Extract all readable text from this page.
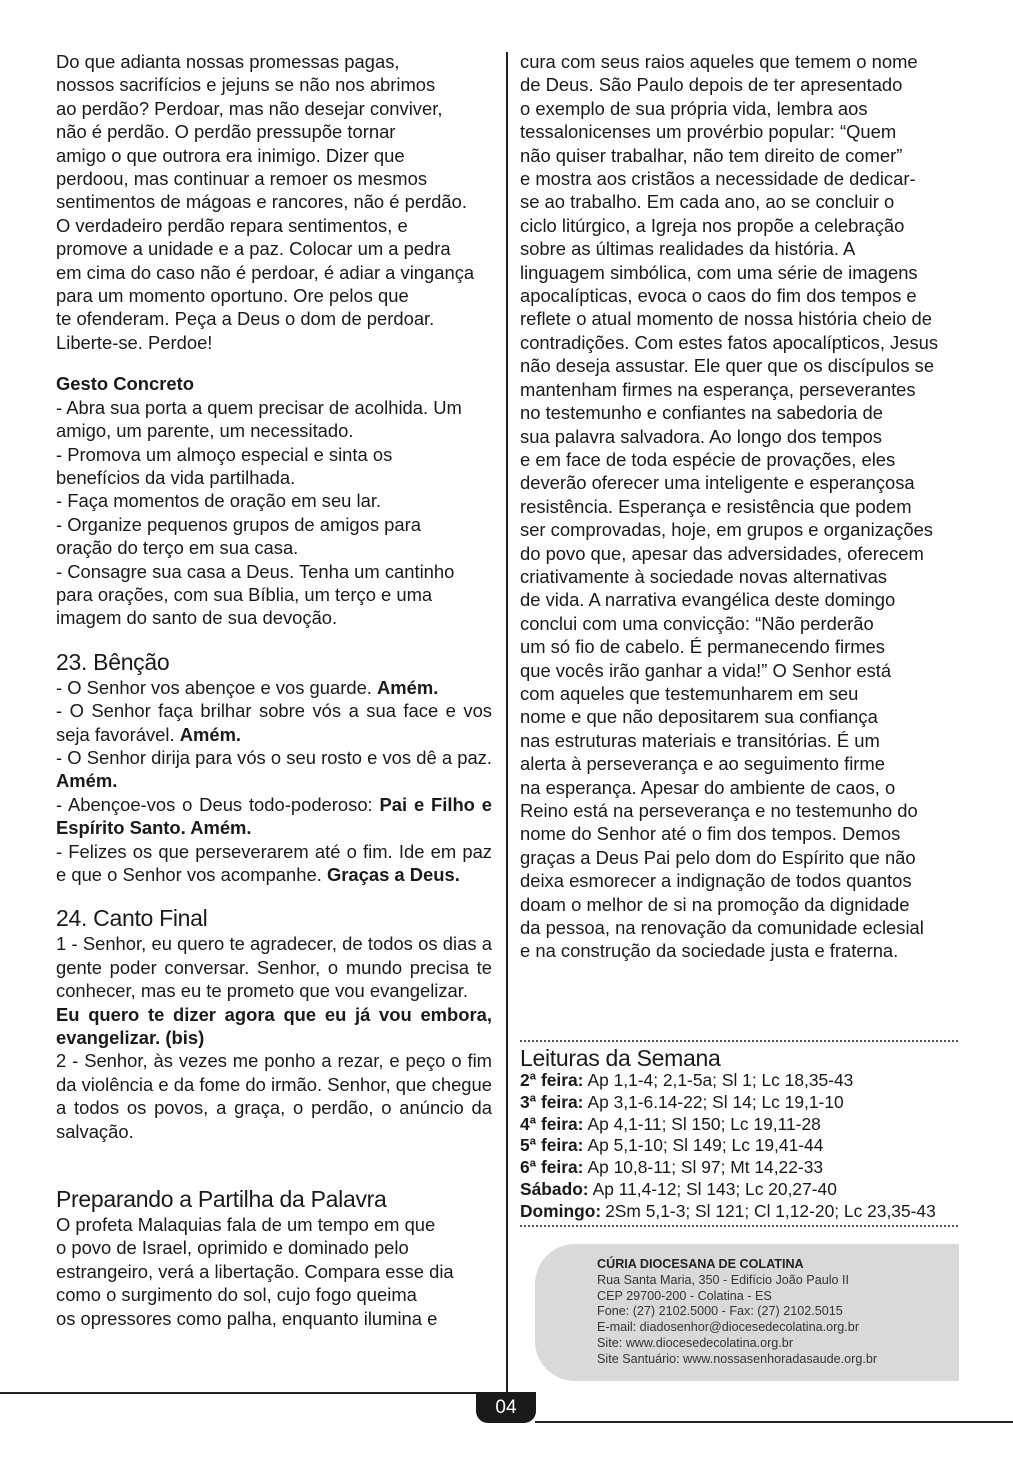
Do que adianta nossas promessas pagas,
nossos sacrifícios e jejuns se não nos abrimos
ao perdão? Perdoar, mas não desejar conviver,
não é perdão. O perdão pressupõe tornar
amigo o que outrora era inimigo. Dizer que
perdoou, mas continuar a remoer os mesmos
sentimentos de mágoas e rancores, não é perdão.
O verdadeiro perdão repara sentimentos, e
promove a unidade e a paz. Colocar um a pedra
em cima do caso não é perdoar, é adiar a vingança
para um momento oportuno. Ore pelos que
te ofenderam. Peça a Deus o dom de perdoar.
Liberte-se. Perdoe!

Gesto Concreto

- Abra sua porta a quem precisar de acolhida. Um
amigo, um parente, um necessitado.
- Promova um almoço especial e sinta os
benefícios da vida partilhada.
- Faça momentos de oração em seu lar.
- Organize pequenos grupos de amigos para
oração do terço em sua casa.
- Consagre sua casa a Deus. Tenha um cantinho
para orações, com sua Bíblia, um terço e uma
imagem do santo de sua devoção.

23. Bênção
- O Senhor vos abençoe e vos guarde. Amém.
- O Senhor faça brilhar sobre vós a sua face e vos seja favorável. Amém.
- O Senhor dirija para vós o seu rosto e vos dê a paz. Amém.
- Abençoe-vos o Deus todo-poderoso: Pai e Filho e Espírito Santo. Amém.
- Felizes os que perseverarem até o fim. Ide em paz e que o Senhor vos acompanhe. Graças a Deus.
24. Canto Final

1 - Senhor, eu quero te agradecer, de todos os dias a gente poder conversar. Senhor, o mundo precisa te conhecer, mas eu te prometo que vou evangelizar.

Eu quero te dizer agora que eu já vou embora, evangelizar. (bis)

2 - Senhor, às vezes me ponho a rezar, e peço o fim da violência e da fome do irmão. Senhor, que chegue a todos os povos, a graça, o perdão, o anúncio da salvação.

Preparando a Partilha da Palavra

O profeta Malaquias fala de um tempo em que
o povo de Israel, oprimido e dominado pelo
estrangeiro, verá a libertação. Compara esse dia
como o surgimento do sol, cujo fogo queima
os opressores como palha, enquanto ilumina e

cura com seus raios aqueles que temem o nome
de Deus. São Paulo depois de ter apresentado
o exemplo de sua própria vida, lembra aos
tessalonicenses um provérbio popular: “Quem
não quiser trabalhar, não tem direito de comer”
e mostra aos cristãos a necessidade de dedicar-
se ao trabalho. Em cada ano, ao se concluir o
ciclo litúrgico, a Igreja nos propõe a celebração
sobre as últimas realidades da história. A
linguagem simbólica, com uma série de imagens
apocalípticas, evoca o caos do fim dos tempos e
reflete o atual momento de nossa história cheio de
contradições. Com estes fatos apocalípticos, Jesus
não deseja assustar. Ele quer que os discípulos se
mantenham firmes na esperança, perseverantes
no testemunho e confiantes na sabedoria de
sua palavra salvadora. Ao longo dos tempos
e em face de toda espécie de provações, eles
deverão oferecer uma inteligente e esperançosa
resistência. Esperança e resistência que podem
ser comprovadas, hoje, em grupos e organizações
do povo que, apesar das adversidades, oferecem
criativamente à sociedade novas alternativas
de vida. A narrativa evangélica deste domingo
conclui com uma convicção: “Não perderão
um só fio de cabelo. É permanecendo firmes
que vocês irão ganhar a vida!” O Senhor está
com aqueles que testemunharem em seu
nome e que não depositarem sua confiança
nas estruturas materiais e transitórias. É um
alerta à perseverança e ao seguimento firme
na esperança. Apesar do ambiente de caos, o
Reino está na perseverança e no testemunho do
nome do Senhor até o fim dos tempos. Demos
graças a Deus Pai pelo dom do Espírito que não
deixa esmorecer a indignação de todos quantos
doam o melhor de si na promoção da dignidade
da pessoa, na renovação da comunidade eclesial
e na construção da sociedade justa e fraterna.

Leituras da Semana
2ª feira: Ap 1,1-4; 2,1-5a; Sl 1; Lc 18,35-43
3ª feira: Ap 3,1-6.14-22; Sl 14; Lc 19,1-10
4ª feira: Ap 4,1-11; Sl 150; Lc 19,11-28
5ª feira: Ap 5,1-10; Sl 149; Lc 19,41-44
6ª feira: Ap 10,8-11; Sl 97; Mt 14,22-33
Sábado: Ap 11,4-12; Sl 143; Lc 20,27-40
Domingo: 2Sm 5,1-3; Sl 121; Cl 1,12-20; Lc 23,35-43
CÚRIA DIOCESANA DE COLATINA
Rua Santa Maria, 350 - Edifício João Paulo II
CEP 29700-200 - Colatina - ES
Fone: (27) 2102.5000 - Fax: (27) 2102.5015
E-mail: diadosenhor@diocesedecolatina.org.br
Site: www.diocesedecolatina.org.br
Site Santuário: www.nossasenhoradasaude.org.br
04
